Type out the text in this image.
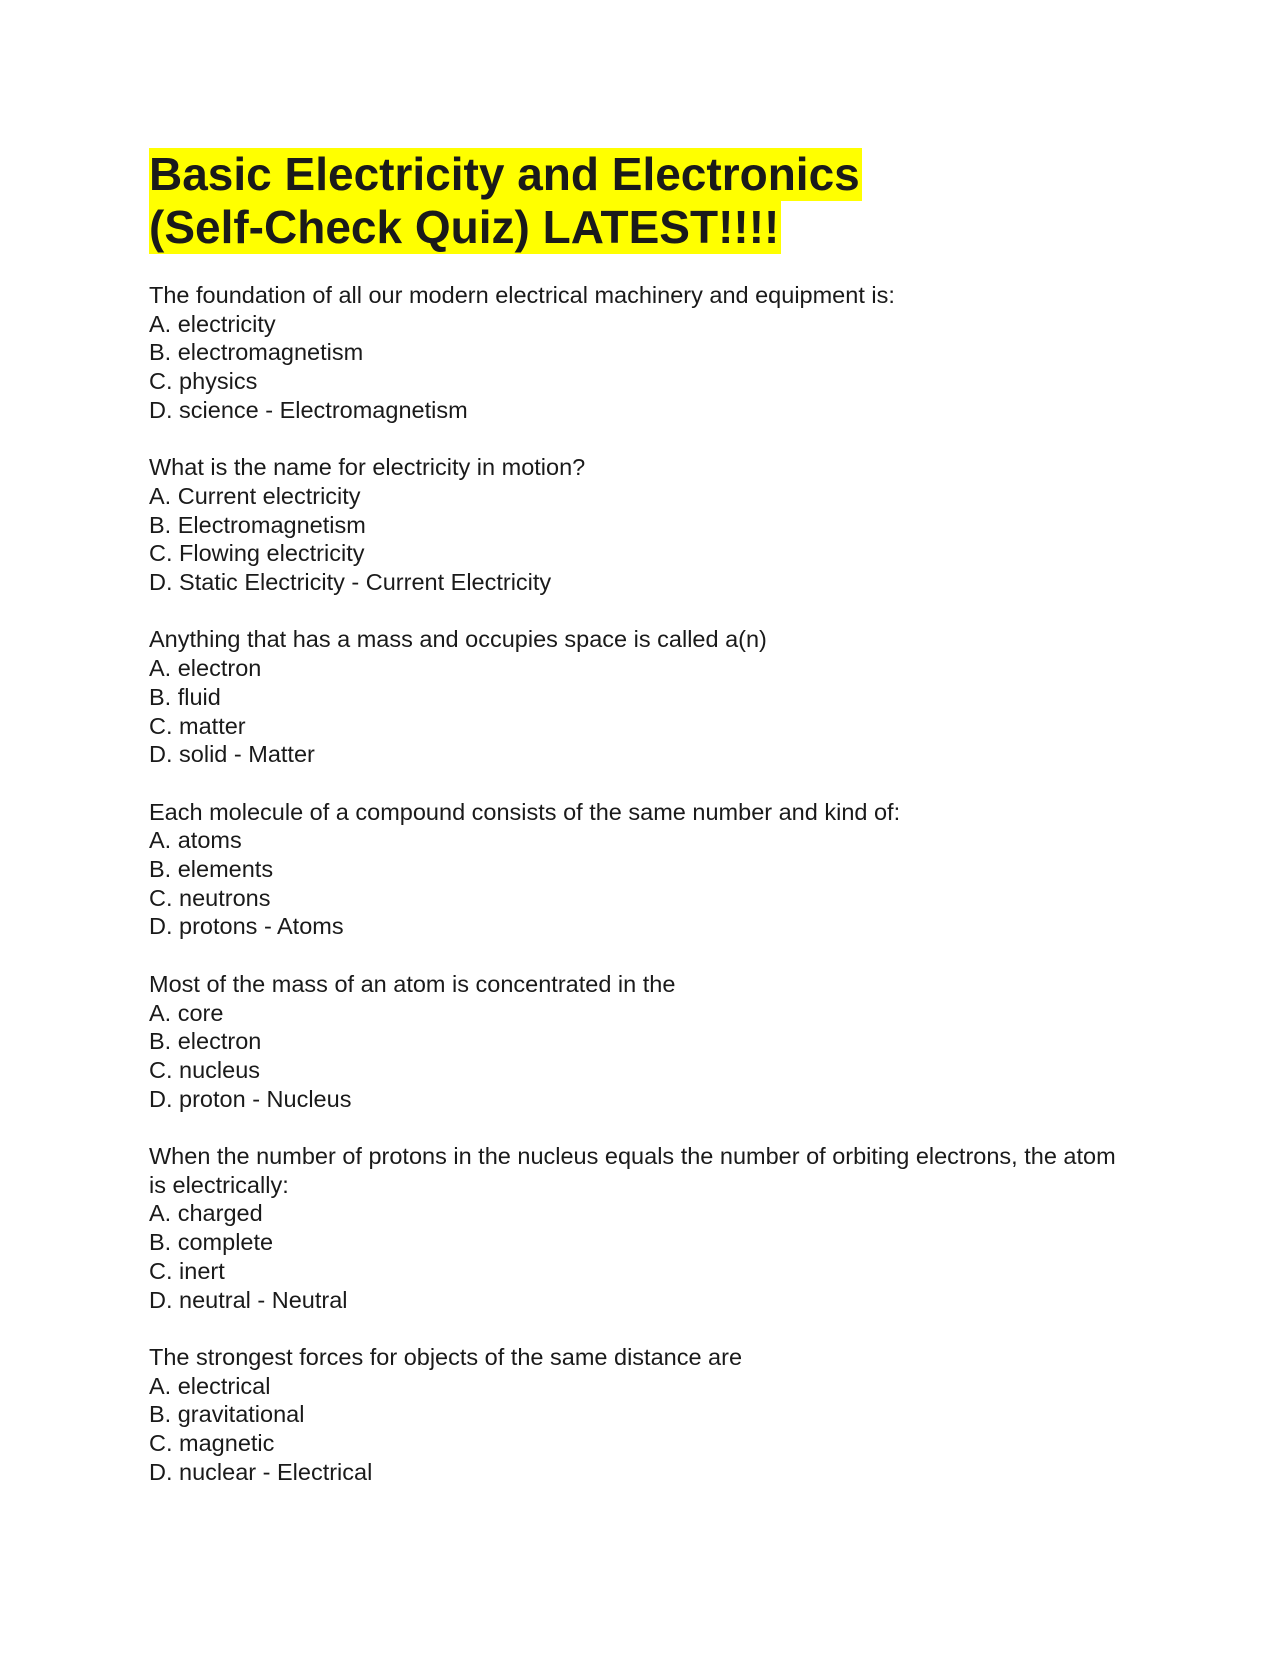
Basic Electricity and Electronics
(Self-Check Quiz) LATEST!!!!
The foundation of all our modern electrical machinery and equipment is:
A. electricity
B. electromagnetism
C. physics
D. science - Electromagnetism
What is the name for electricity in motion?
A. Current electricity
B. Electromagnetism
C. Flowing electricity
D. Static Electricity - Current Electricity
Anything that has a mass and occupies space is called a(n)
A. electron
B. fluid
C. matter
D. solid - Matter
Each molecule of a compound consists of the same number and kind of:
A. atoms
B. elements
C. neutrons
D. protons - Atoms
Most of the mass of an atom is concentrated in the
A. core
B. electron
C. nucleus
D. proton - Nucleus
When the number of protons in the nucleus equals the number of orbiting electrons, the atom is electrically:
A. charged
B. complete
C. inert
D. neutral - Neutral
The strongest forces for objects of the same distance are
A. electrical
B. gravitational
C. magnetic
D. nuclear - Electrical
